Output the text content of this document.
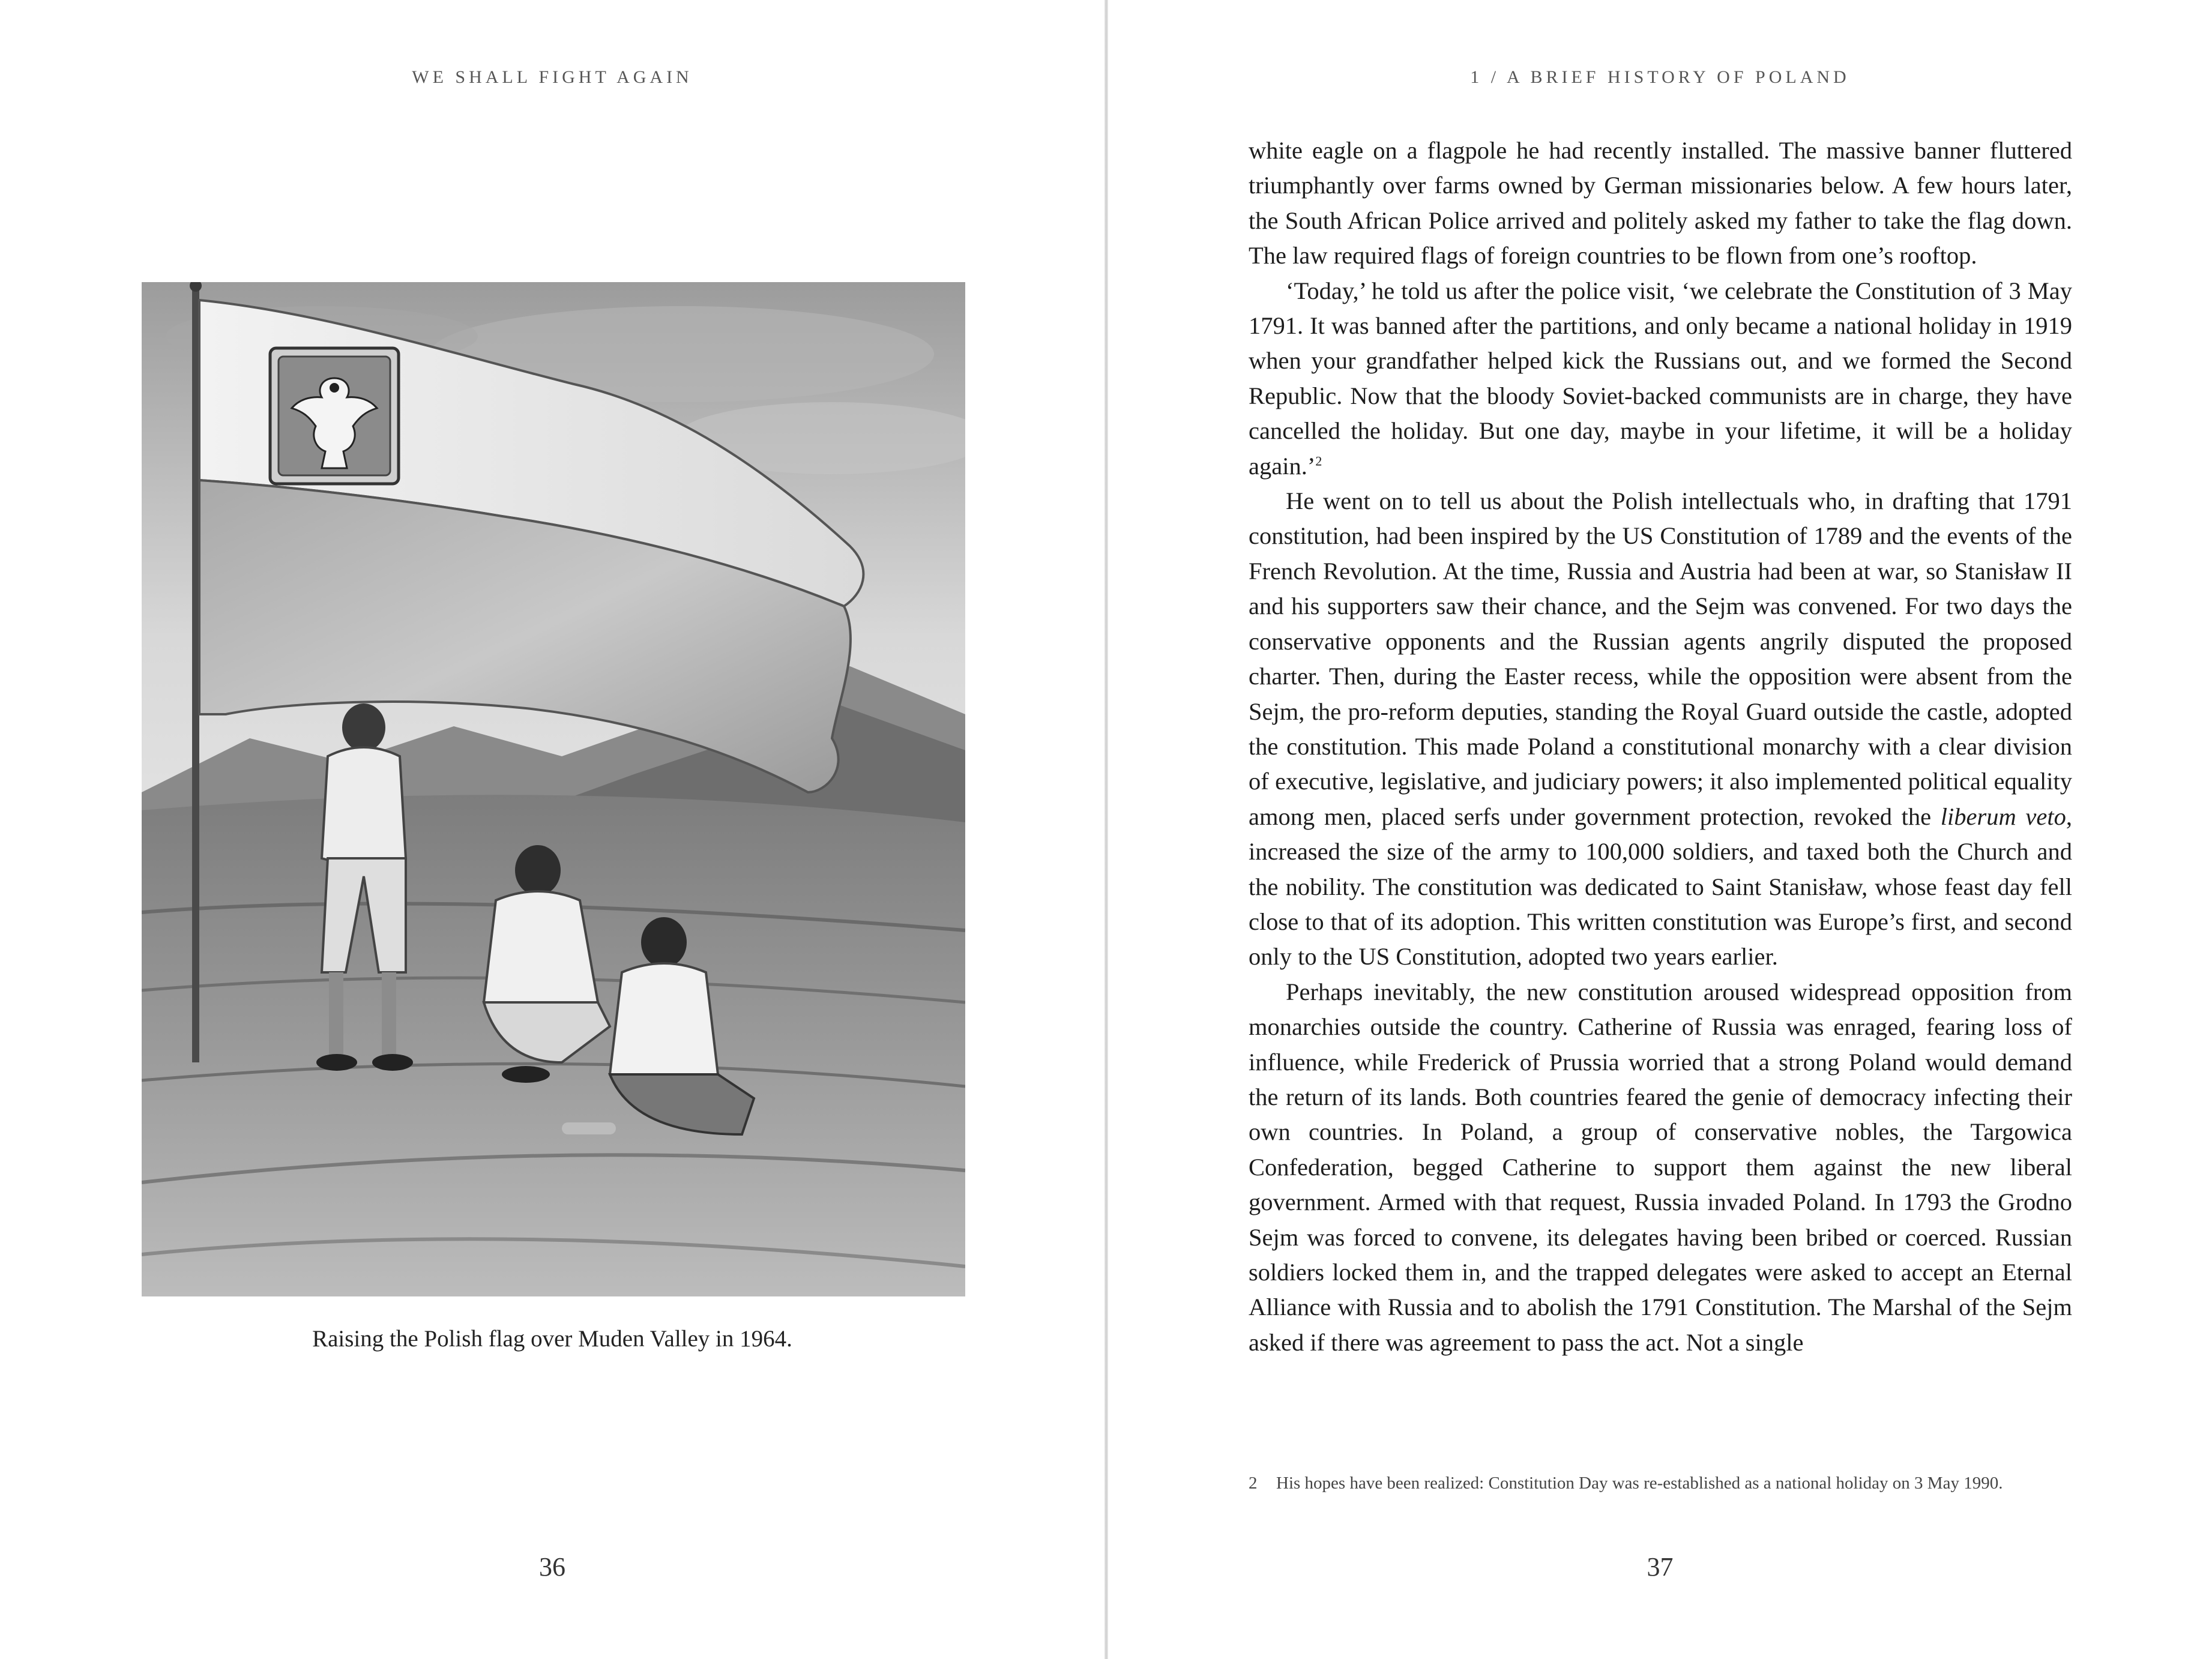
WE SHALL FIGHT AGAIN
Raising the Polish flag over Muden Valley in 1964.
36
1 / A BRIEF HISTORY OF POLAND
37

white eagle on a flagpole he had recently installed. The massive banner fluttered triumphantly over farms owned by German missionaries below. A few hours later, the South African Police arrived and politely asked my father to take the flag down. The law required flags of foreign countries to be flown from one’s rooftop.

‘Today,’ he told us after the police visit, ‘we celebrate the Constitution of 3 May 1791. It was banned after the partitions, and only became a national holiday in 1919 when your grandfather helped kick the Russians out, and we formed the Second Republic. Now that the bloody Soviet-backed communists are in charge, they have cancelled the holiday. But one day, maybe in your lifetime, it will be a holiday again.’$^2$

He went on to tell us about the Polish intellectuals who, in drafting that 1791 constitution, had been inspired by the US Constitution of 1789 and the events of the French Revolution. At the time, Russia and Austria had been at war, so Stanisław II and his supporters saw their chance, and the Sejm was convened. For two days the conservative opponents and the Russian agents angrily disputed the proposed charter. Then, during the Easter recess, while the opposition were absent from the Sejm, the pro-reform deputies, standing the Royal Guard outside the castle, adopted the constitution. This made Poland a constitutional monarchy with a clear division of executive, legislative, and judiciary powers; it also implemented political equality among men, placed serfs under government protection, revoked the liberum veto, increased the size of the army to 100,000 soldiers, and taxed both the Church and the nobility. The constitution was dedicated to Saint Stanisław, whose feast day fell close to that of its adoption. This written constitution was Europe’s first, and second only to the US Constitution, adopted two years earlier.

Perhaps inevitably, the new constitution aroused widespread opposition from monarchies outside the country. Catherine of Russia was enraged, fearing loss of influence, while Frederick of Prussia worried that a strong Poland would demand the return of its lands. Both countries feared the genie of democracy infecting their own countries. In Poland, a group of conservative nobles, the Targowica Confederation, begged Catherine to support them against the new liberal government. Armed with that request, Russia invaded Poland. In 1793 the Grodno Sejm was forced to convene, its delegates having been bribed or coerced. Russian soldiers locked them in, and the trapped delegates were asked to accept an Eternal Alliance with Russia and to abolish the 1791 Constitution. The Marshal of the Sejm asked if there was agreement to pass the act. Not a single

2 His hopes have been realized: Constitution Day was re-established as a national holiday on 3 May 1990.
